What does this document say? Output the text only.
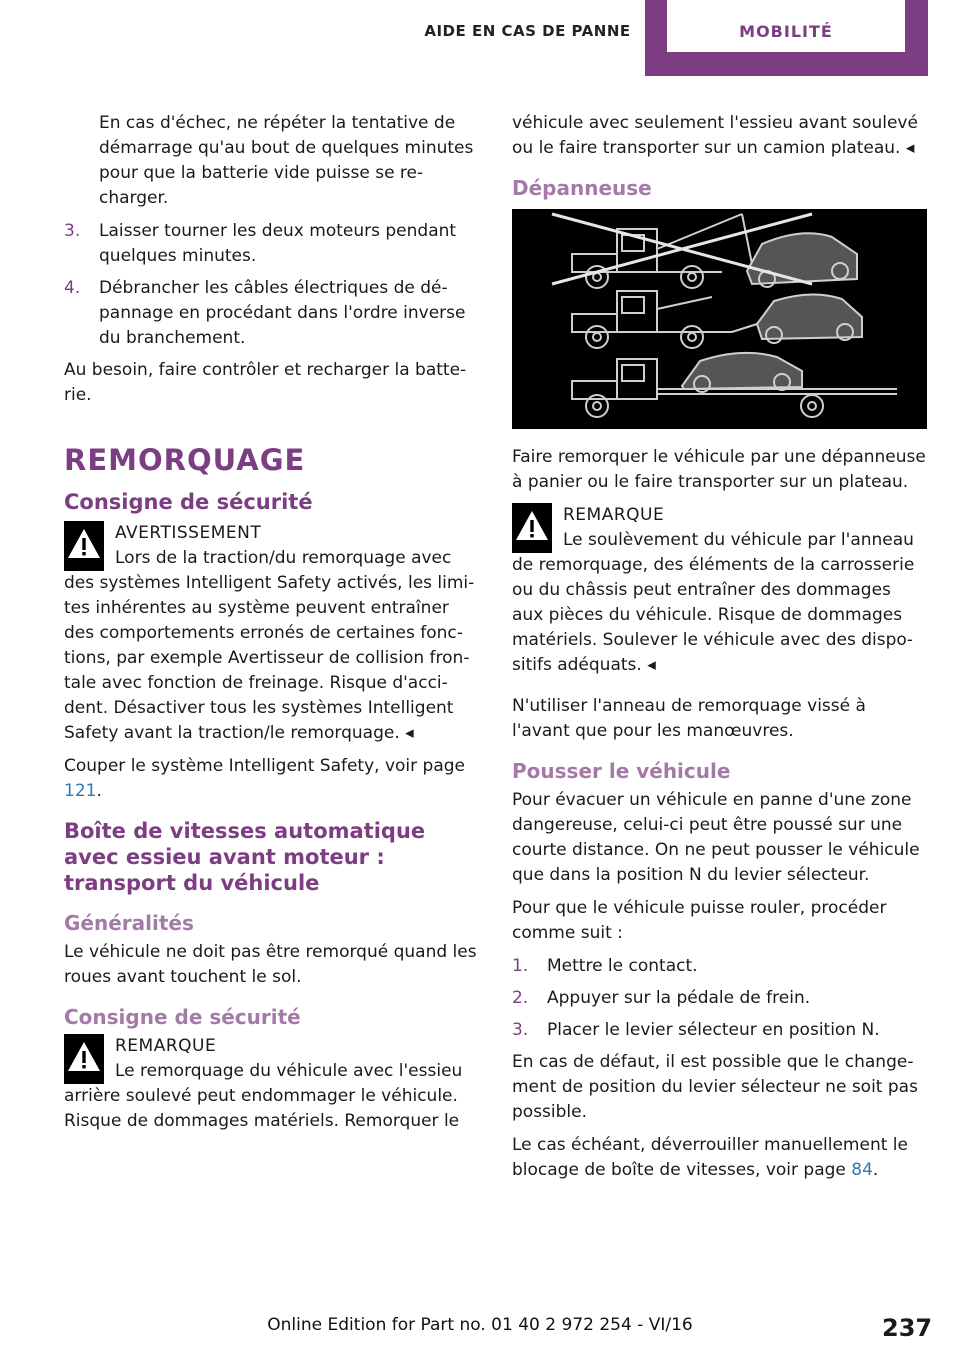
AIDE EN CAS DE PANNE	MOBILITÉ

En cas d'échec, ne répéter la tentative de démarrage qu'au bout de quelques minutes pour que la batterie vide puisse se recharger.

3. Laisser tourner les deux moteurs pendant quelques minutes.
4. Débrancher les câbles électriques de dépannage en procédant dans l'ordre inverse du branchement.

Au besoin, faire contrôler et recharger la batterie.

REMORQUAGE
Consigne de sécurité
AVERTISSEMENT
Lors de la traction/du remorquage avec
des systèmes Intelligent Safety activés, les limites inhérentes au système peuvent entraîner des comportements erronés de certaines fonctions, par exemple Avertisseur de collision frontale avec fonction de freinage. Risque d'accident. Désactiver tous les systèmes Intelligent Safety avant la traction/le remorquage. ◂

Couper le système Intelligent Safety, voir page 121.

Boîte de vitesses automatique avec essieu avant moteur : transport du véhicule
Généralités

Le véhicule ne doit pas être remorqué quand les roues avant touchent le sol.

Consigne de sécurité
REMARQUE
Le remorquage du véhicule avec l'essieu
arrière soulevé peut endommager le véhicule. Risque de dommages matériels. Remorquer le

véhicule avec seulement l'essieu avant soulevé ou le faire transporter sur un camion plateau. ◂

Dépanneuse

Faire remorquer le véhicule par une dépanneuse à panier ou le faire transporter sur un plateau.

REMARQUE
Le soulèvement du véhicule par l'anneau
de remorquage, des éléments de la carrosserie ou du châssis peut entraîner des dommages aux pièces du véhicule. Risque de dommages matériels. Soulever le véhicule avec des dispositifs adéquats. ◂

N'utiliser l'anneau de remorquage vissé à l'avant que pour les manœuvres.

Pousser le véhicule

Pour évacuer un véhicule en panne d'une zone dangereuse, celui-ci peut être poussé sur une courte distance. On ne peut pousser le véhicule que dans la position N du levier sélecteur.

Pour que le véhicule puisse rouler, procéder comme suit :

1. Mettre le contact.
2. Appuyer sur la pédale de frein.
3. Placer le levier sélecteur en position N.

En cas de défaut, il est possible que le changement de position du levier sélecteur ne soit pas possible.

Le cas échéant, déverrouiller manuellement le blocage de boîte de vitesses, voir page 84.

Online Edition for Part no. 01 40 2 972 254 - VI/16	237
